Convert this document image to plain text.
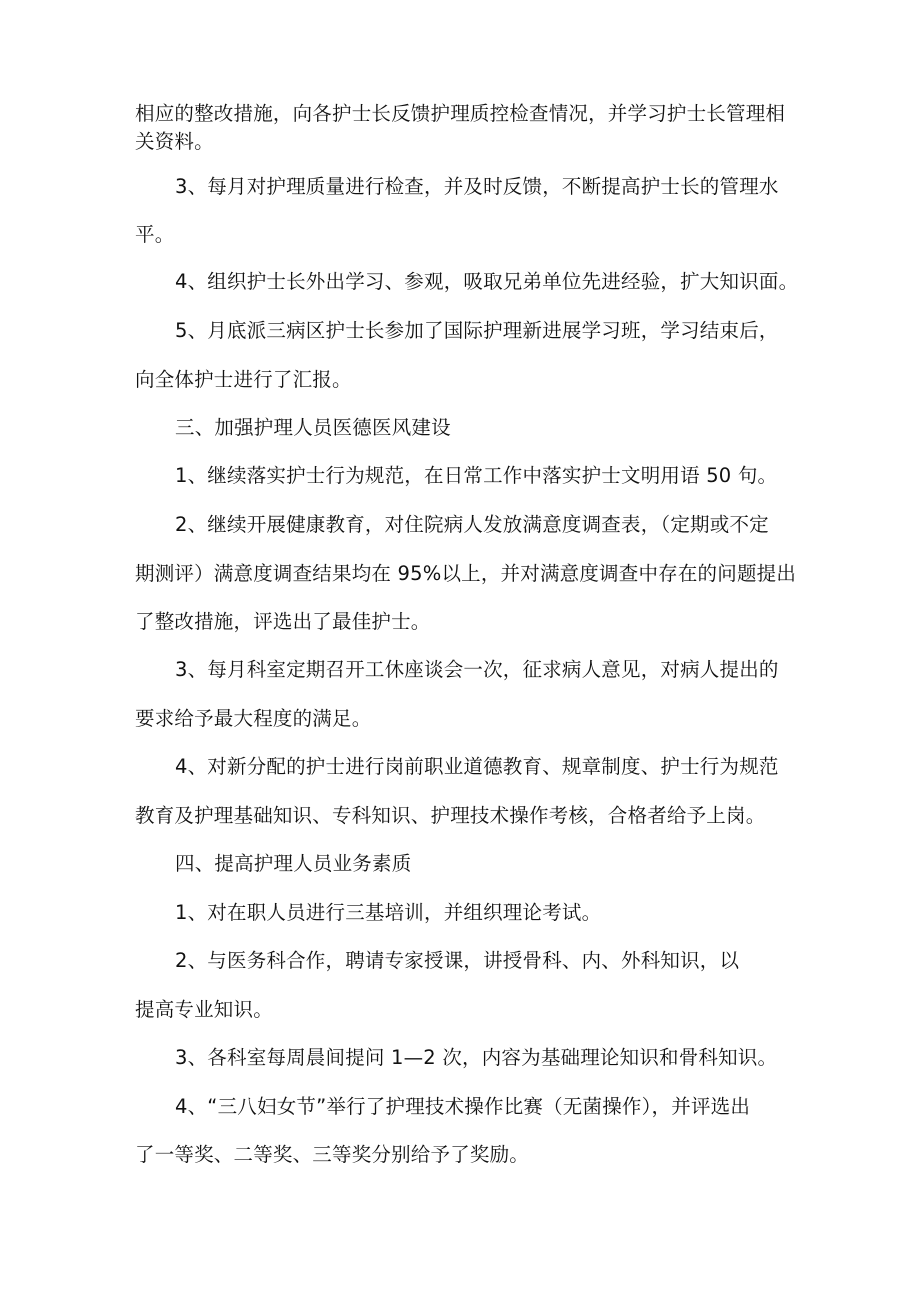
相应的整改措施，向各护士长反馈护理质控检查情况，并学习护士长管理相
关资料。
3、每月对护理质量进行检查，并及时反馈，不断提高护士长的管理水
平。
4、组织护士长外出学习、参观，吸取兄弟单位先进经验，扩大知识面。
5、月底派三病区护士长参加了国际护理新进展学习班，学习结束后，
向全体护士进行了汇报。
三、加强护理人员医德医风建设
1、继续落实护士行为规范，在日常工作中落实护士文明用语 50 句。
2、继续开展健康教育，对住院病人发放满意度调查表，（定期或不定
期测评）满意度调查结果均在 95%以上，并对满意度调查中存在的问题提出
了整改措施，评选出了最佳护士。
3、每月科室定期召开工休座谈会一次，征求病人意见，对病人提出的
要求给予最大程度的满足。
4、对新分配的护士进行岗前职业道德教育、规章制度、护士行为规范
教育及护理基础知识、专科知识、护理技术操作考核，合格者给予上岗。
四、提高护理人员业务素质
1、对在职人员进行三基培训，并组织理论考试。
2、与医务科合作，聘请专家授课，讲授骨科、内、外科知识，以
提高专业知识。
3、各科室每周晨间提问 1—2 次，内容为基础理论知识和骨科知识。
4、“三八妇女节”举行了护理技术操作比赛（无菌操作），并评选出
了一等奖、二等奖、三等奖分别给予了奖励。
